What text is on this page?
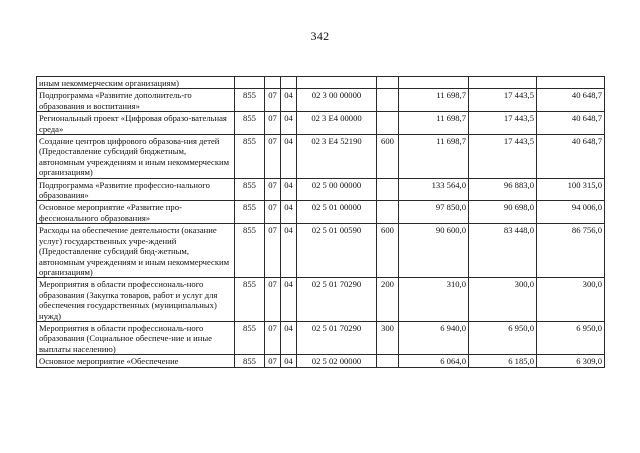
342
иным некоммерческим организациям)								
Подпрограмма «Развитие дополнитель-го образования и воспитания»	855	07	04	02 3 00 00000		11 698,7	17 443,5	40 648,7
Региональный проект «Цифровая образо-вательная среда»	855	07	04	02 3 E4 00000		11 698,7	17 443,5	40 648,7
Создание центров цифрового образова-ния детей (Предоставление субсидий бюджетным, автономным учреждениям и иным некоммерческим организациям)	855	07	04	02 3 E4 52190	600	11 698,7	17 443,5	40 648,7
Подпрограмма «Развитие профессио-нального образования»	855	07	04	02 5 00 00000		133 564,0	96 883,0	100 315,0
Основное мероприятие «Развитие про-фессионального образования»	855	07	04	02 5 01 00000		97 850,0	90 698,0	94 006,0
Расходы на обеспечение деятельности (оказание услуг) государственных учре-ждений (Предоставление субсидий бюд-жетным, автономным учреждениям и иным некоммерческим организациям)	855	07	04	02 5 01 00590	600	90 600,0	83 448,0	86 756,0
Мероприятия в области профессиональ-ного образования (Закупка товаров, работ и услуг для обеспечения государственных (муниципальных) нужд)	855	07	04	02 5 01 70290	200	310,0	300,0	300,0
Мероприятия в области профессиональ-ного образования (Социальное обеспече-ние и иные выплаты населению)	855	07	04	02 5 01 70290	300	6 940,0	6 950,0	6 950,0
Основное мероприятие «Обеспечение	855	07	04	02 5 02 00000		6 064,0	6 185,0	6 309,0
